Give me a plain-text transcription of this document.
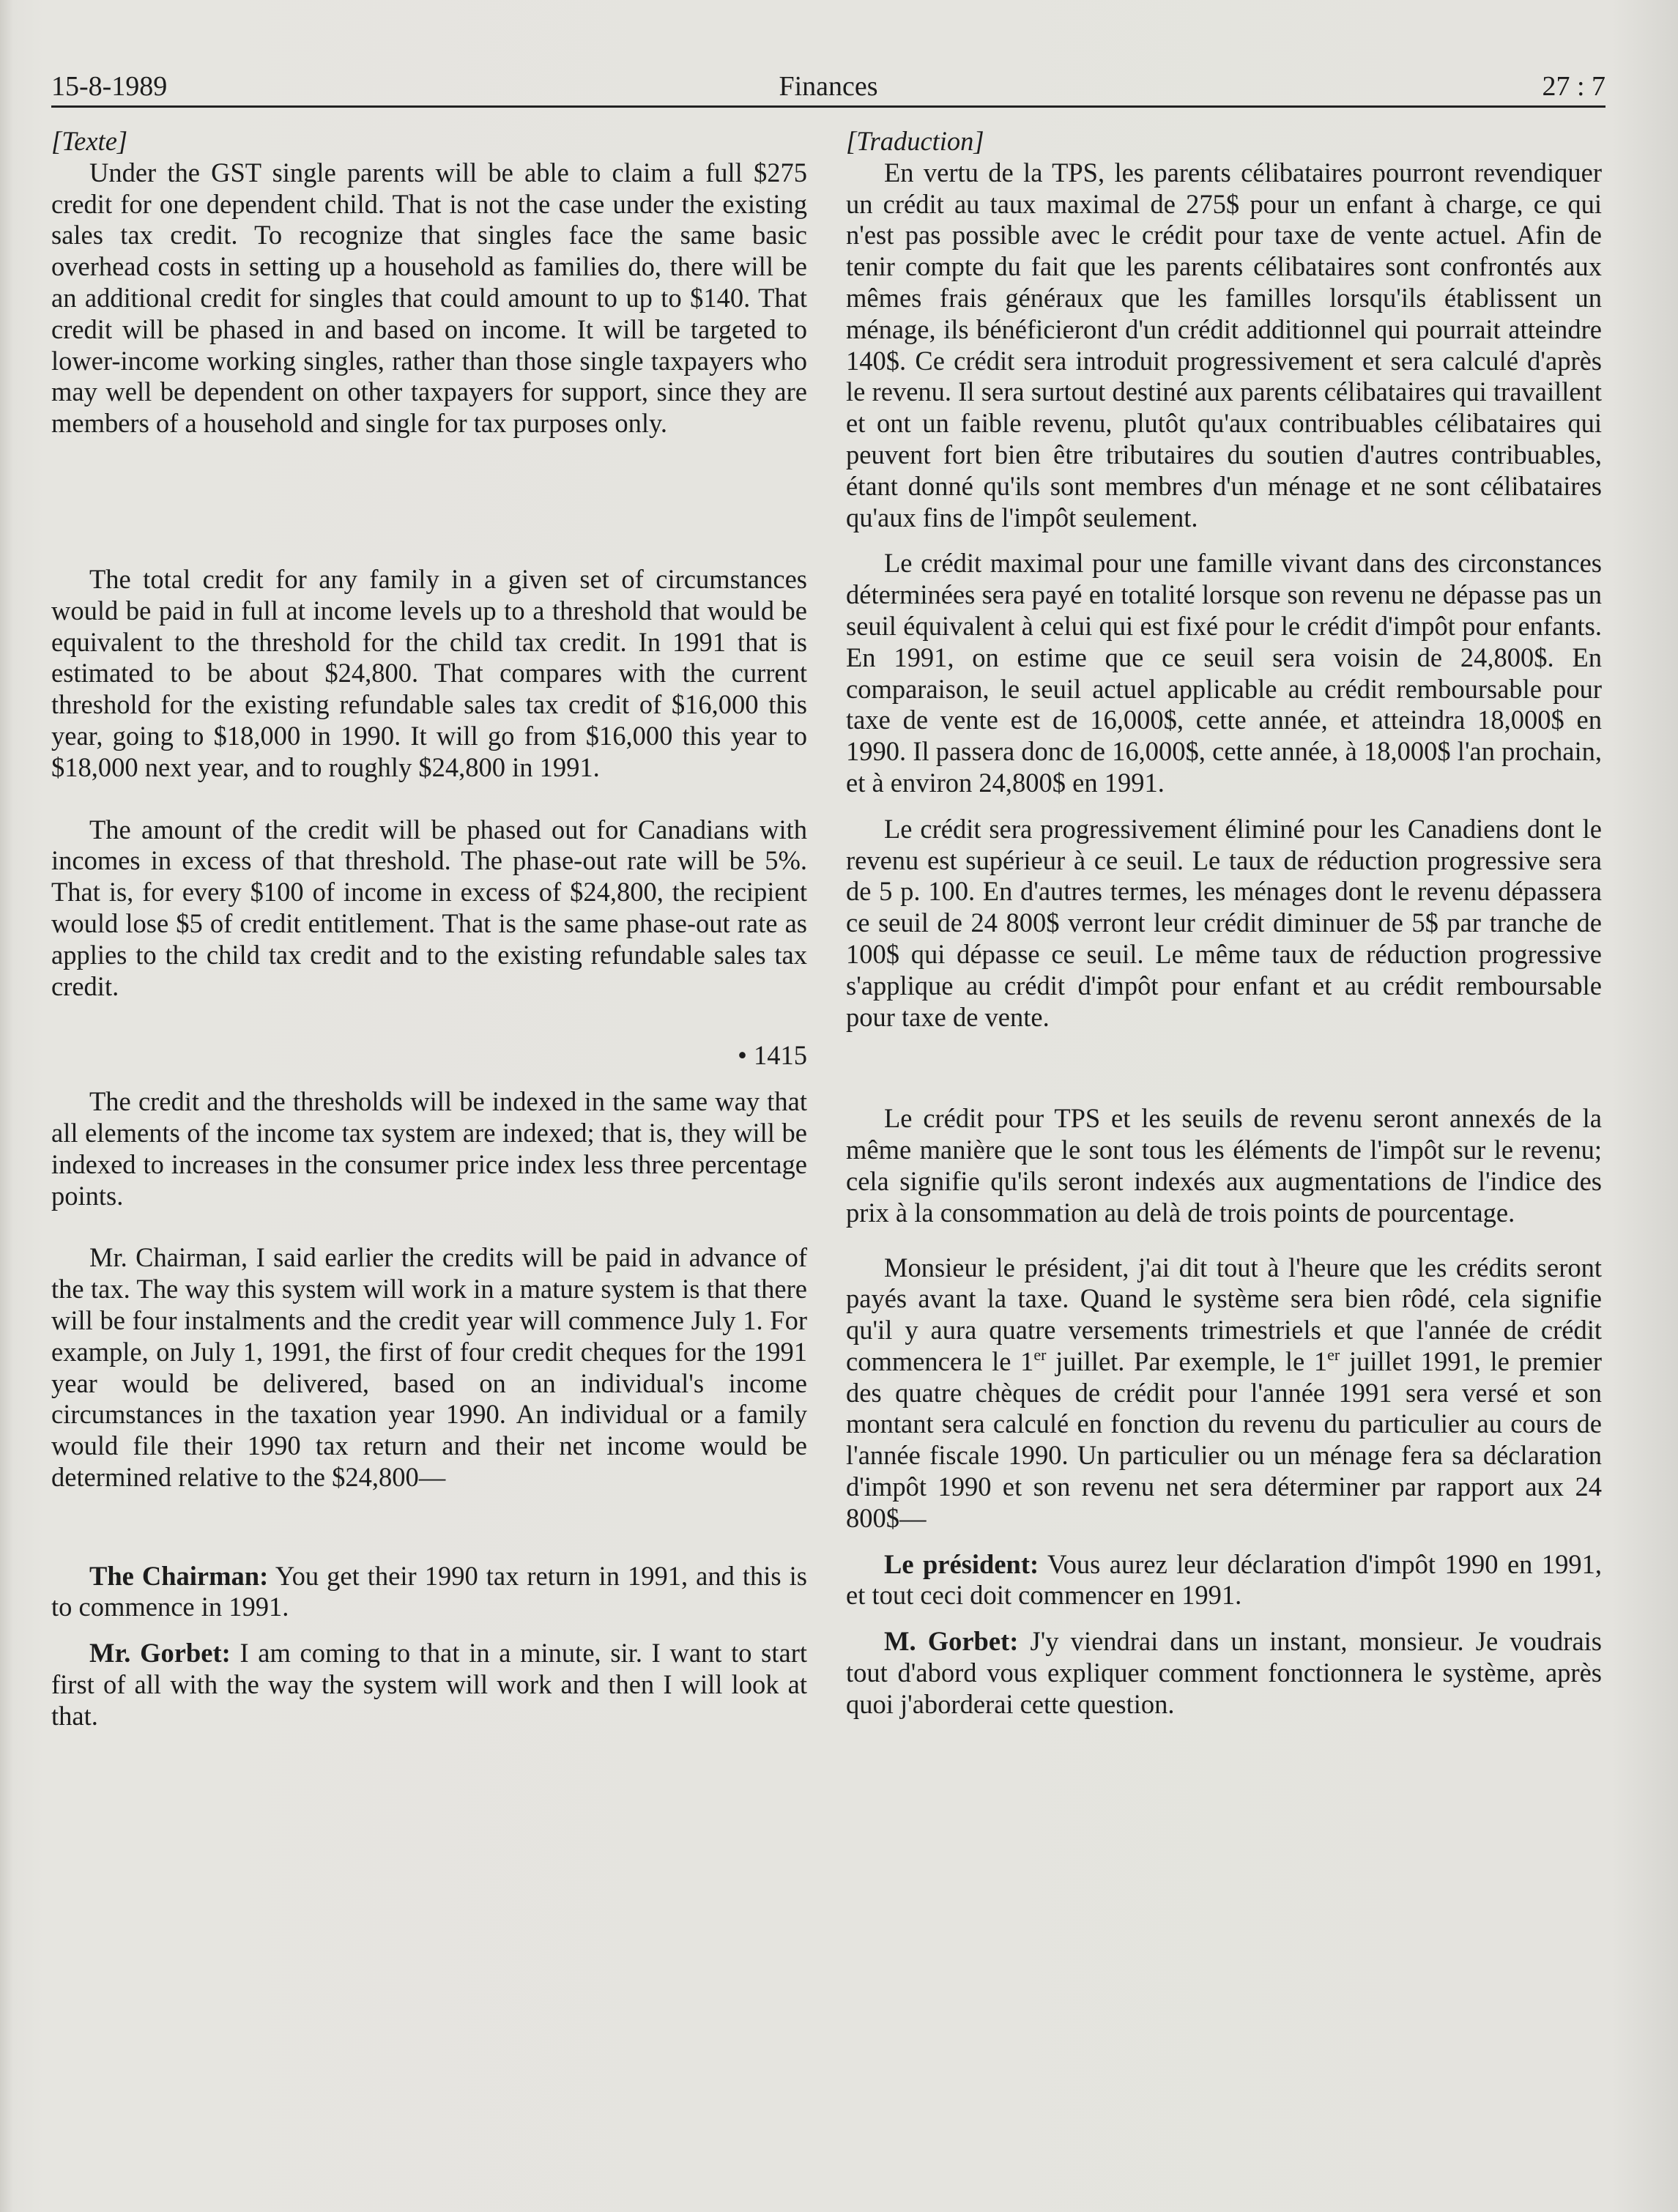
15-8-1989	Finances	27 : 7

[Texte]

Under the GST single parents will be able to claim a full $275 credit for one dependent child. That is not the case under the existing sales tax credit. To recognize that singles face the same basic overhead costs in setting up a household as families do, there will be an additional credit for singles that could amount to up to $140. That credit will be phased in and based on income. It will be targeted to lower-income working singles, rather than those single taxpayers who may well be dependent on other taxpayers for support, since they are members of a household and single for tax purposes only.

The total credit for any family in a given set of circumstances would be paid in full at income levels up to a threshold that would be equivalent to the threshold for the child tax credit. In 1991 that is estimated to be about $24,800. That compares with the current threshold for the existing refundable sales tax credit of $16,000 this year, going to $18,000 in 1990. It will go from $16,000 this year to $18,000 next year, and to roughly $24,800 in 1991.

The amount of the credit will be phased out for Canadians with incomes in excess of that threshold. The phase-out rate will be 5%. That is, for every $100 of income in excess of $24,800, the recipient would lose $5 of credit entitlement. That is the same phase-out rate as applies to the child tax credit and to the existing refundable sales tax credit.

• 1415

The credit and the thresholds will be indexed in the same way that all elements of the income tax system are indexed; that is, they will be indexed to increases in the consumer price index less three percentage points.

Mr. Chairman, I said earlier the credits will be paid in advance of the tax. The way this system will work in a mature system is that there will be four instalments and the credit year will commence July 1. For example, on July 1, 1991, the first of four credit cheques for the 1991 year would be delivered, based on an individual's income circumstances in the taxation year 1990. An individual or a family would file their 1990 tax return and their net income would be determined relative to the $24,800—

The Chairman: You get their 1990 tax return in 1991, and this is to commence in 1991.

Mr. Gorbet: I am coming to that in a minute, sir. I want to start first of all with the way the system will work and then I will look at that.

[Traduction]

En vertu de la TPS, les parents célibataires pourront revendiquer un crédit au taux maximal de 275$ pour un enfant à charge, ce qui n'est pas possible avec le crédit pour taxe de vente actuel. Afin de tenir compte du fait que les parents célibataires sont confrontés aux mêmes frais généraux que les familles lorsqu'ils établissent un ménage, ils bénéficieront d'un crédit additionnel qui pourrait atteindre 140$. Ce crédit sera introduit progressivement et sera calculé d'après le revenu. Il sera surtout destiné aux parents célibataires qui travaillent et ont un faible revenu, plutôt qu'aux contribuables célibataires qui peuvent fort bien être tributaires du soutien d'autres contribuables, étant donné qu'ils sont membres d'un ménage et ne sont célibataires qu'aux fins de l'impôt seulement.

Le crédit maximal pour une famille vivant dans des circonstances déterminées sera payé en totalité lorsque son revenu ne dépasse pas un seuil équivalent à celui qui est fixé pour le crédit d'impôt pour enfants. En 1991, on estime que ce seuil sera voisin de 24,800$. En comparaison, le seuil actuel applicable au crédit remboursable pour taxe de vente est de 16,000$, cette année, et atteindra 18,000$ en 1990. Il passera donc de 16,000$, cette année, à 18,000$ l'an prochain, et à environ 24,800$ en 1991.

Le crédit sera progressivement éliminé pour les Canadiens dont le revenu est supérieur à ce seuil. Le taux de réduction progressive sera de 5 p. 100. En d'autres termes, les ménages dont le revenu dépassera ce seuil de 24 800$ verront leur crédit diminuer de 5$ par tranche de 100$ qui dépasse ce seuil. Le même taux de réduction progressive s'applique au crédit d'impôt pour enfant et au crédit remboursable pour taxe de vente.

Le crédit pour TPS et les seuils de revenu seront annexés de la même manière que le sont tous les éléments de l'impôt sur le revenu; cela signifie qu'ils seront indexés aux augmentations de l'indice des prix à la consommation au delà de trois points de pourcentage.

Monsieur le président, j'ai dit tout à l'heure que les crédits seront payés avant la taxe. Quand le système sera bien rôdé, cela signifie qu'il y aura quatre versements trimestriels et que l'année de crédit commencera le 1er juillet. Par exemple, le 1er juillet 1991, le premier des quatre chèques de crédit pour l'année 1991 sera versé et son montant sera calculé en fonction du revenu du particulier au cours de l'année fiscale 1990. Un particulier ou un ménage fera sa déclaration d'impôt 1990 et son revenu net sera déterminer par rapport aux 24 800$—

Le président: Vous aurez leur déclaration d'impôt 1990 en 1991, et tout ceci doit commencer en 1991.

M. Gorbet: J'y viendrai dans un instant, monsieur. Je voudrais tout d'abord vous expliquer comment fonctionnera le système, après quoi j'aborderai cette question.
